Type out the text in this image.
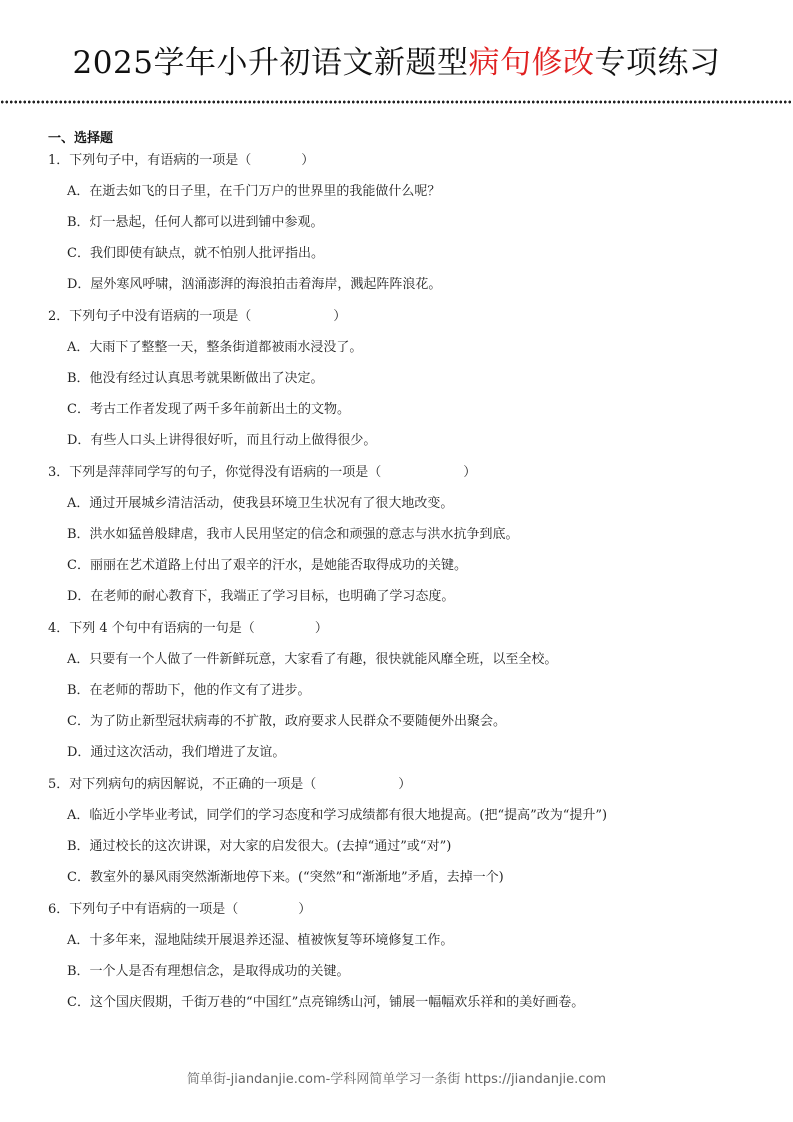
2025学年小升初语文新题型病句修改专项练习
一、选择题
1．下列句子中，有语病的一项是（	）
A．在逝去如飞的日子里，在千门万户的世界里的我能做什么呢？
B．灯一悬起，任何人都可以进到铺中参观。
C．我们即使有缺点，就不怕别人批评指出。
D．屋外寒风呼啸，汹涌澎湃的海浪拍击着海岸，溅起阵阵浪花。
2．下列句子中没有语病的一项是（	）
A．大雨下了整整一天，整条街道都被雨水浸没了。
B．他没有经过认真思考就果断做出了决定。
C．考古工作者发现了两千多年前新出土的文物。
D．有些人口头上讲得很好听，而且行动上做得很少。
3．下列是萍萍同学写的句子，你觉得没有语病的一项是（	）
A．通过开展城乡清洁活动，使我县环境卫生状况有了很大地改变。
B．洪水如猛兽般肆虐，我市人民用坚定的信念和顽强的意志与洪水抗争到底。
C．丽丽在艺术道路上付出了艰辛的汗水，是她能否取得成功的关键。
D．在老师的耐心教育下，我端正了学习目标，也明确了学习态度。
4．下列 4 个句中有语病的一句是（	）
A．只要有一个人做了一件新鲜玩意，大家看了有趣，很快就能风靡全班，以至全校。
B．在老师的帮助下，他的作文有了进步。
C．为了防止新型冠状病毒的不扩散，政府要求人民群众不要随便外出聚会。
D．通过这次活动，我们增进了友谊。
5．对下列病句的病因解说，不正确的一项是（	）
A．临近小学毕业考试，同学们的学习态度和学习成绩都有很大地提高。(把“提高”改为“提升”)
B．通过校长的这次讲课，对大家的启发很大。(去掉“通过”或“对”)
C．教室外的暴风雨突然渐渐地停下来。(“突然”和“渐渐地”矛盾，去掉一个)
6．下列句子中有语病的一项是（	）
A．十多年来，湿地陆续开展退养还湿、植被恢复等环境修复工作。
B．一个人是否有理想信念，是取得成功的关键。
C．这个国庆假期，千街万巷的“中国红”点亮锦绣山河，铺展一幅幅欢乐祥和的美好画卷。
简单街-jiandanjie.com-学科网简单学习一条街 https://jiandanjie.com
